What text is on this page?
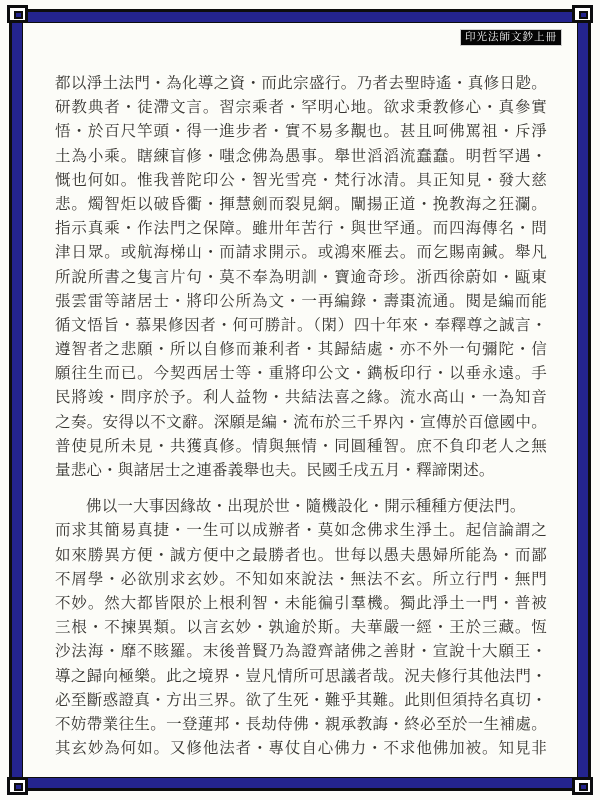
印光法師文鈔上冊
都以淨土法門・為化導之資・而此宗盛行。乃者去聖時遙・真修日尟。
研教典者・徒滯文言。習宗乘者・罕明心地。欲求秉教修心・真參實
悟・於百尺竿頭・得一進步者・實不易多覯也。甚且呵佛罵祖・斥淨
土為小乘。瞎練盲修・嗤念佛為愚事。舉世滔滔流蠢蠢。明哲罕遇・
慨也何如。惟我普陀印公・智光雪亮・梵行冰清。具正知見・發大慈
悲。燭智炬以破昏衢・揮慧劍而裂見網。闡揚正道・挽教海之狂瀾。
指示真乘・作法門之保障。雖卅年苦行・與世罕通。而四海傳名・問
津日眾。或航海梯山・而請求開示。或鴻來雁去。而乞賜南鍼。舉凡
所說所書之隻言片句・莫不奉為明訓・寶逾奇珍。浙西徐蔚如・甌東
張雲雷等諸居士・將印公所為文・一再編錄・壽棗流通。閱是編而能
循文悟旨・慕果修因者・何可勝計。（閑）四十年來・奉釋尊之誠言・
遵智者之悲願・所以自修而兼利者・其歸結處・亦不外一句彌陀・信
願往生而已。今契西居士等・重將印公文・鐫板印行・以垂永遠。手
民將竣・問序於予。利人益物・共結法喜之緣。流水高山・一為知音
之奏。安得以不文辭。深願是編・流布於三千界內・宣傳於百億國中。
普使見所未見・共獲真修。情與無情・同圓種智。庶不負印老人之無
量悲心・與諸居士之連番義舉也夫。民國壬戌五月・釋諦閑述。
佛以一大事因緣故・出現於世・隨機設化・開示種種方便法門。
而求其簡易真捷・一生可以成辦者・莫如念佛求生淨土。起信論謂之
如來勝異方便・誠方便中之最勝者也。世每以愚夫愚婦所能為・而鄙
不屑學・必欲別求玄妙。不知如來說法・無法不玄。所立行門・無門
不妙。然大都皆限於上根利智・未能徧引羣機。獨此淨土一門・普被
三根・不揀異類。以言玄妙・孰逾於斯。夫華嚴一經・王於三藏。恆
沙法海・靡不賅羅。末後普賢乃為證齊諸佛之善財・宣說十大願王・
導之歸向極樂。此之境界・豈凡情所可思議者哉。況夫修行其他法門・
必至斷惑證真・方出三界。欲了生死・難乎其難。此則但須持名真切・
不妨帶業往生。一登蓮邦・長劫侍佛・親承教誨・終必至於一生補處。
其玄妙為何如。又修他法者・專仗自心佛力・不求他佛加被。知見非
